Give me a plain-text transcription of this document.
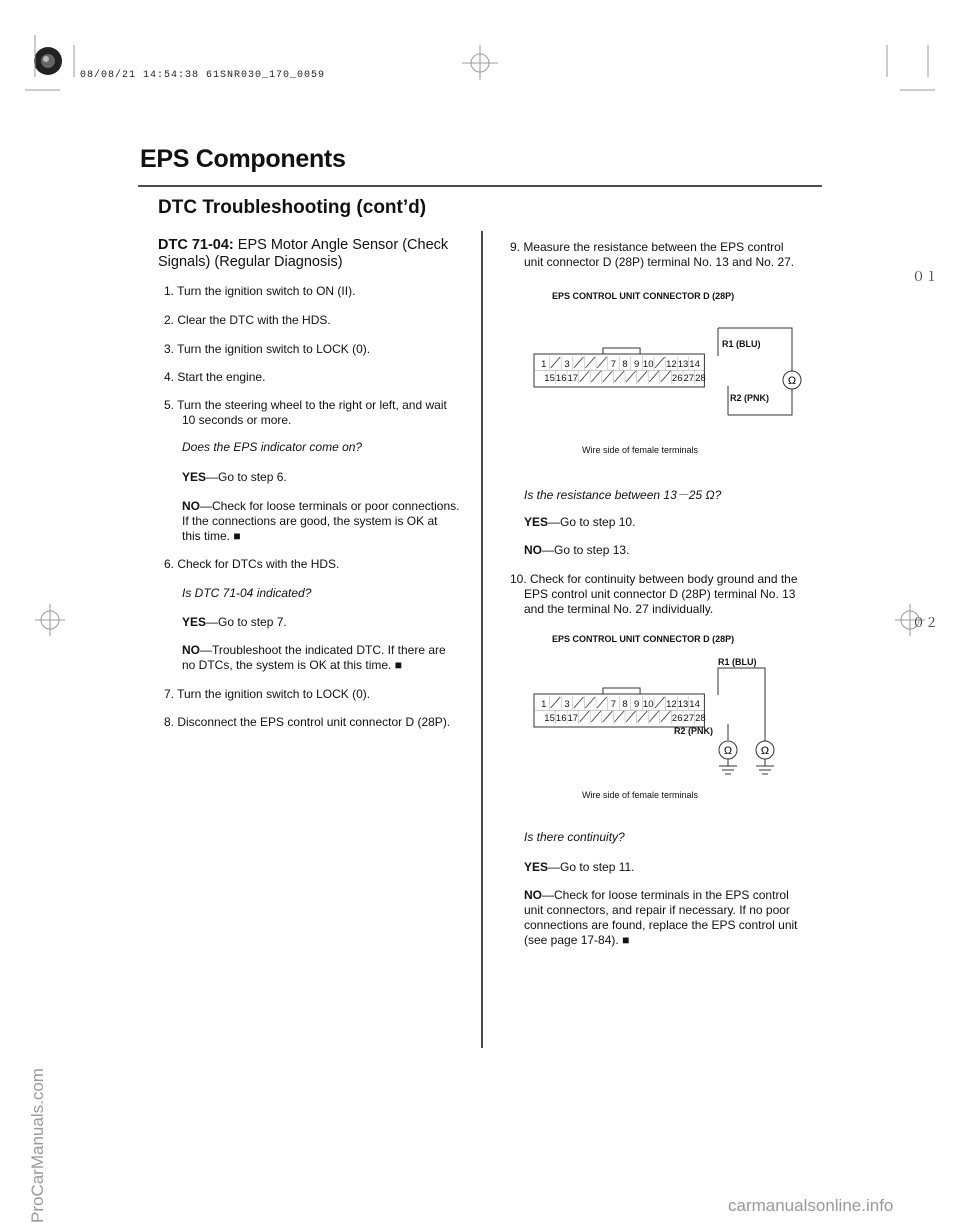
08/08/21 14:54:38 61SNR030_170_0059
０１
０２
ProCarManuals.com	carmanualsonline.info
EPS Components
DTC Troubleshooting (cont’d)
DTC 71-04: EPS Motor Angle Sensor (Check
Signals) (Regular Diagnosis)
1. Turn the ignition switch to ON (II).
2. Clear the DTC with the HDS.
3. Turn the ignition switch to LOCK (0).
4. Start the engine.
5. Turn the steering wheel to the right or left, and wait
10 seconds or more.
Does the EPS indicator come on?
YES—Go to step 6.
NO—Check for loose terminals or poor connections.
If the connections are good, the system is OK at
this time. ■
6. Check for DTCs with the HDS.
Is DTC 71-04 indicated?
YES—Go to step 7.
NO—Troubleshoot the indicated DTC. If there are
no DTCs, the system is OK at this time. ■
7. Turn the ignition switch to LOCK (0).
8. Disconnect the EPS control unit connector D (28P).
9. Measure the resistance between the EPS control
unit connector D (28P) terminal No. 13 and No. 27.
EPS CONTROL UNIT CONNECTOR D (28P)
1 3	7 8 9 10 12 13 14
15 16 17	26 27 28	Ω
R1 (BLU)
R2 (PNK)
Wire side of female terminals
Is the resistance between 13－25 Ω?
YES—Go to step 10.
NO—Go to step 13.
10. Check for continuity between body ground and the
EPS control unit connector D (28P) terminal No. 13
and the terminal No. 27 individually.
EPS CONTROL UNIT CONNECTOR D (28P)
1 3	7 8 9 10 12 13 14
15 16 17	26 27 28
Ω	Ω
R1 (BLU)
R2 (PNK)
Wire side of female terminals
Is there continuity?
YES—Go to step 11.
NO—Check for loose terminals in the EPS control
unit connectors, and repair if necessary. If no poor
connections are found, replace the EPS control unit
(see page 17-84). ■
